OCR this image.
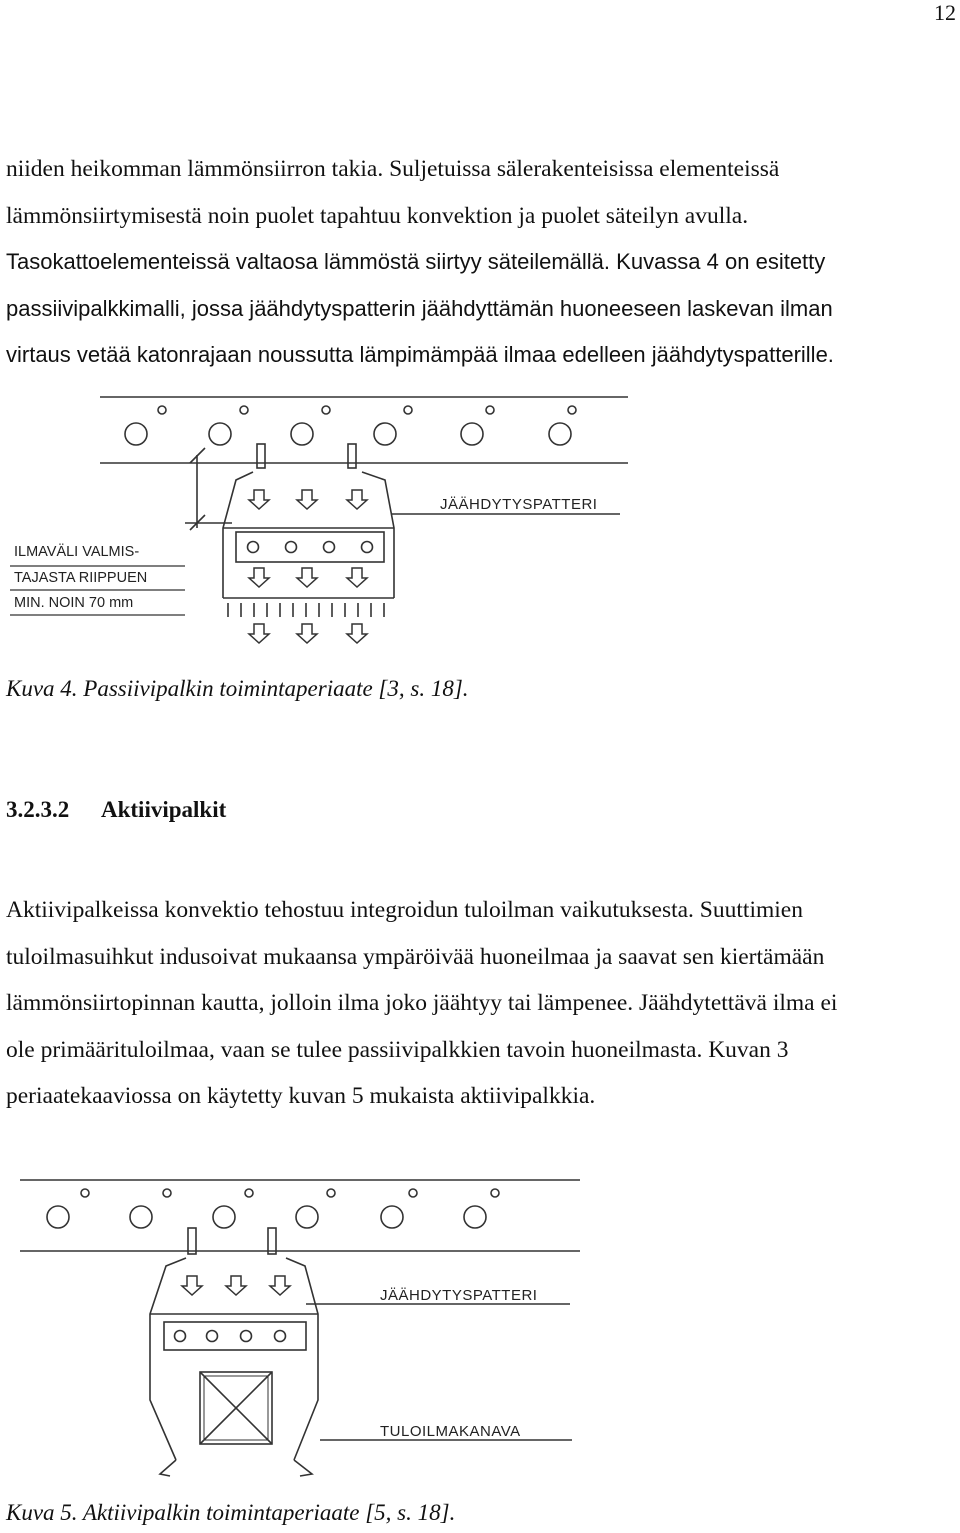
12
niiden heikomman lämmönsiirron takia. Suljetuissa sälerakenteisissa elementeissä
lämmönsiirtymisestä noin puolet tapahtuu konvektion ja puolet säteilyn avulla.
Tasokattoelementeissä valtaosa lämmöstä siirtyy säteilemällä. Kuvassa 4 on esitetty
passiivipalkkimalli, jossa jäähdytyspatterin jäähdyttämän huoneeseen laskevan ilman
virtaus vetää katonrajaan noussutta lämpimämpää ilmaa edelleen jäähdytyspatterille.
JÄÄHDYTYSPATTERI
ILMAVÄLI VALMIS-
TAJASTA RIIPPUEN
MIN. NOIN 70 mm

Kuva 4. Passiivipalkin toimintaperiaate [3, s. 18].

3.2.3.2 Aktiivipalkit
Aktiivipalkeissa konvektio tehostuu integroidun tuloilman vaikutuksesta. Suuttimien
tuloilmasuihkut indusoivat mukaansa ympäröivää huoneilmaa ja saavat sen kiertämään
lämmönsiirtopinnan kautta, jolloin ilma joko jäähtyy tai lämpenee. Jäähdytettävä ilma ei
ole primäärituloilmaa, vaan se tulee passiivipalkkien tavoin huoneilmasta. Kuvan 3
periaatekaaviossa on käytetty kuvan 5 mukaista aktiivipalkkia.
JÄÄHDYTYSPATTERI
TULOILMAKANAVA

Kuva 5. Aktiivipalkin toimintaperiaate [5, s. 18].
